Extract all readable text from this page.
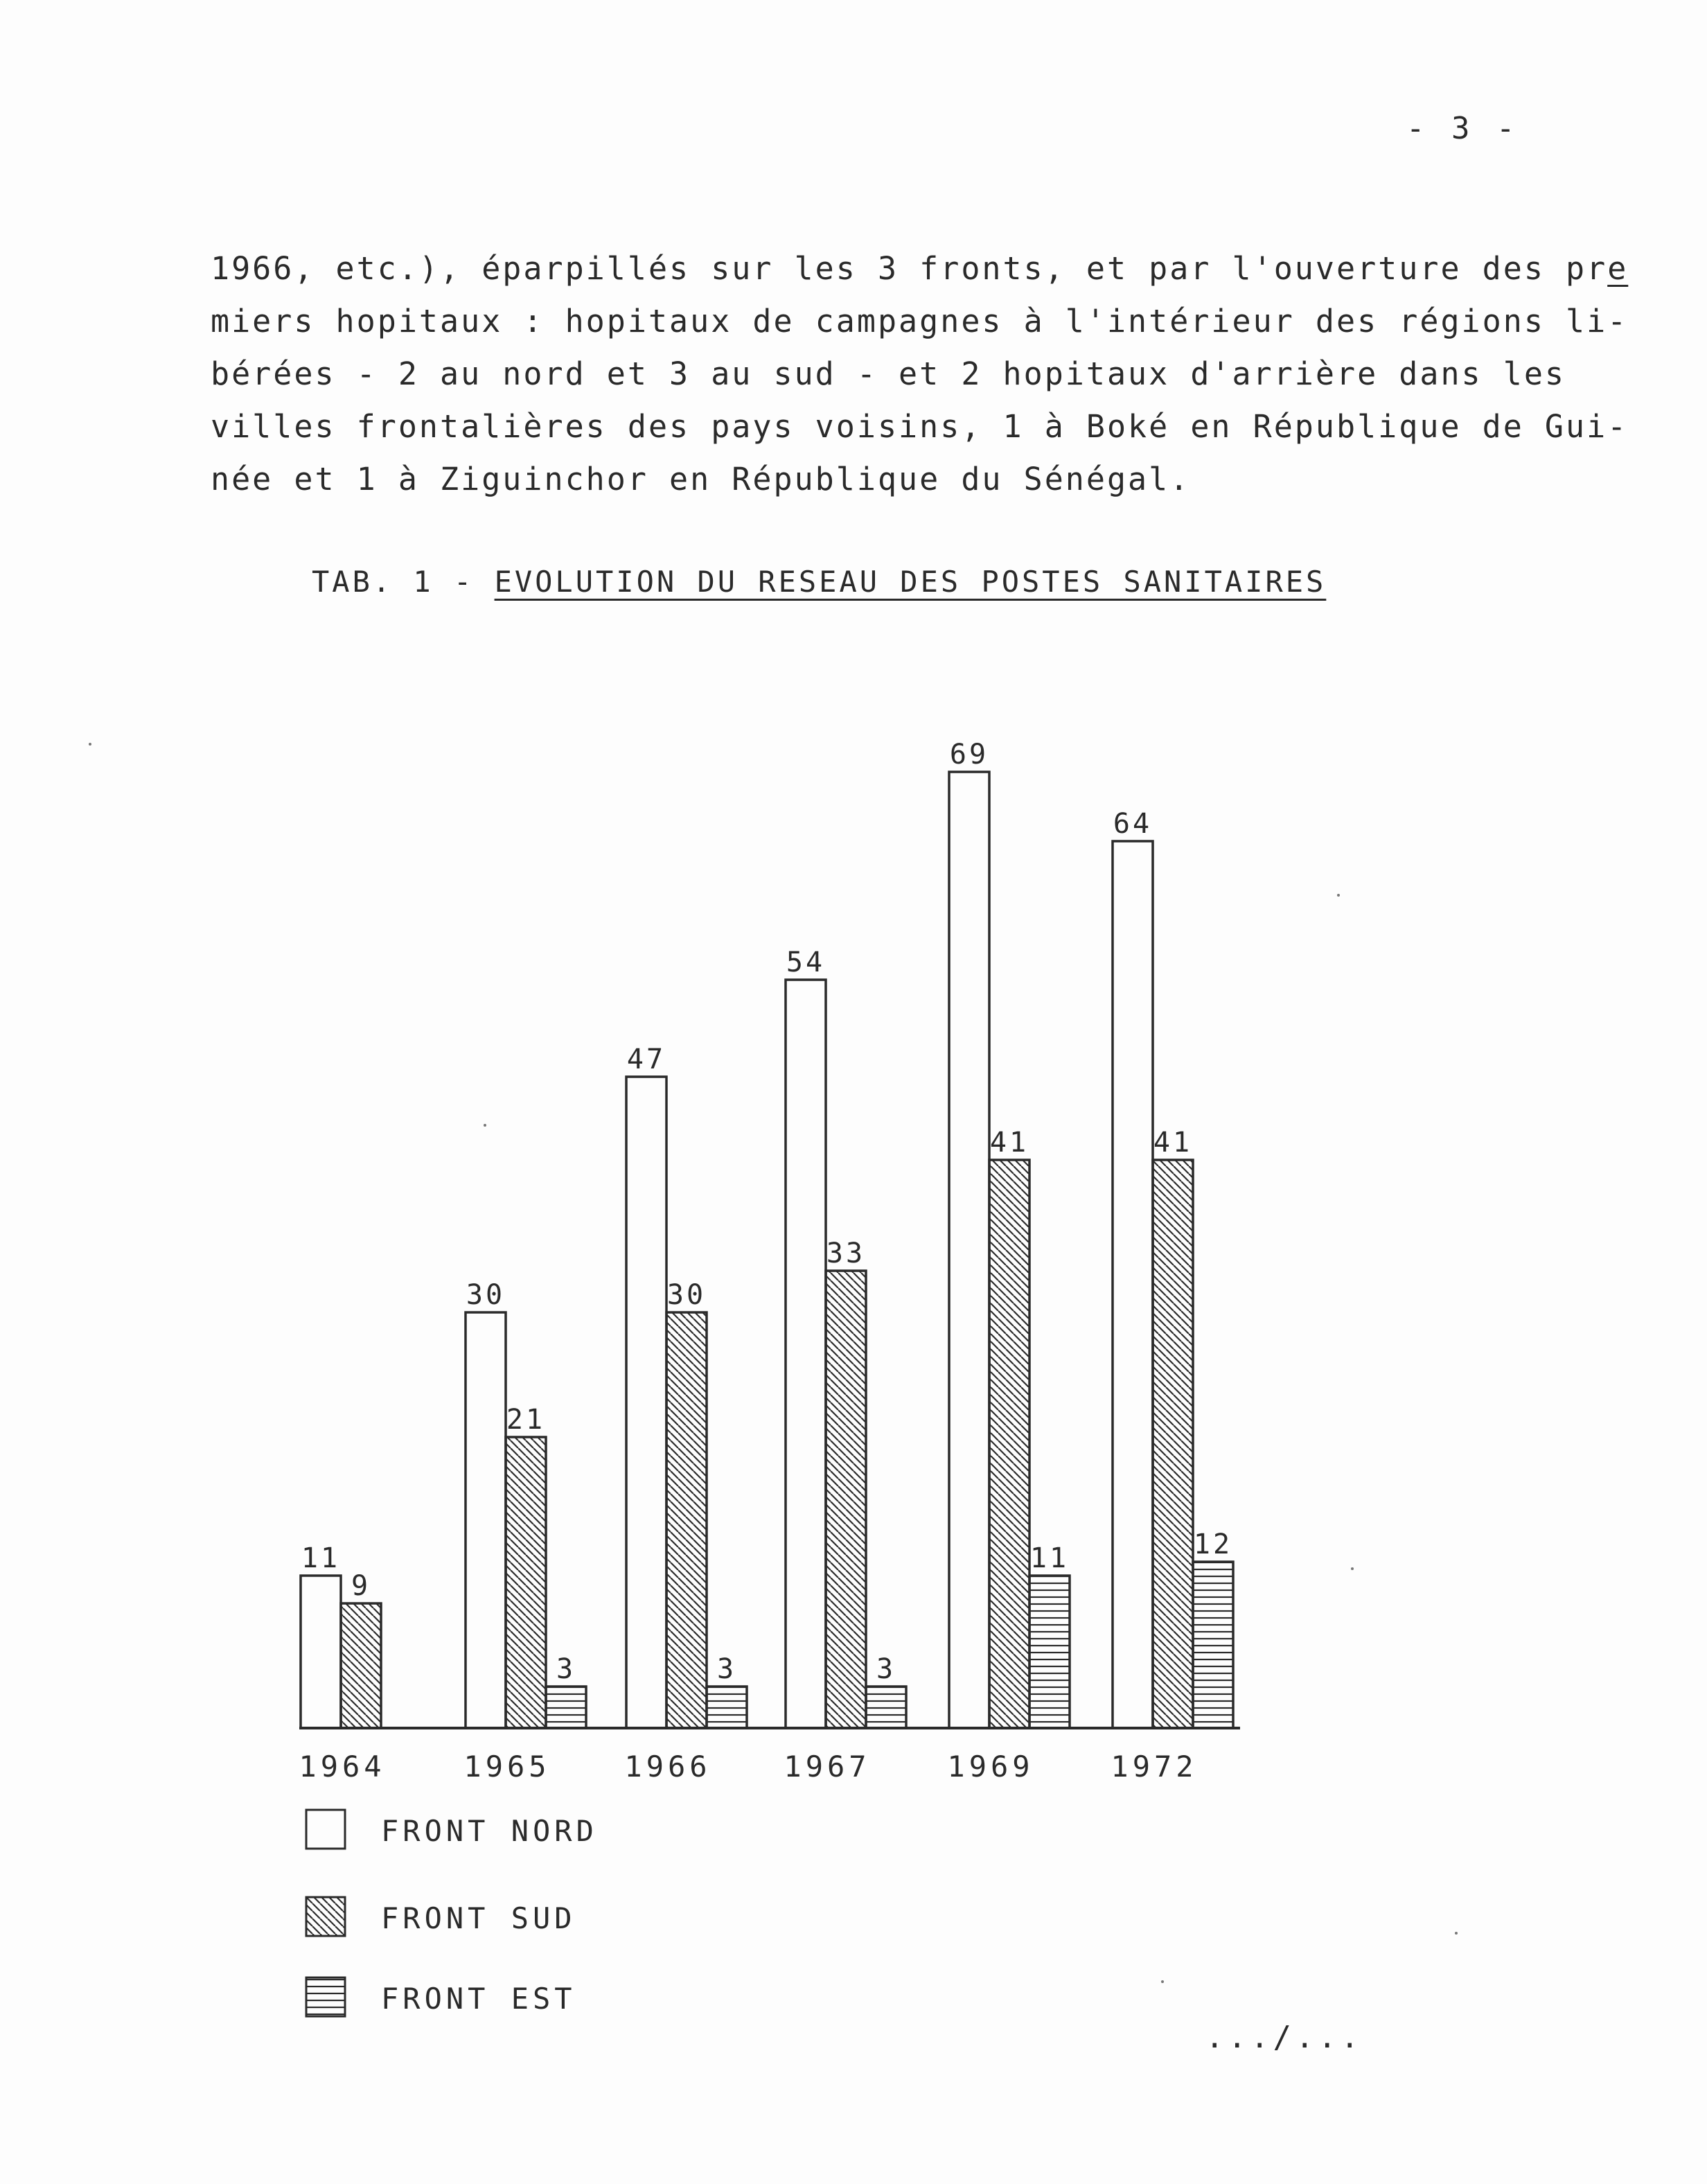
- 3 -
1966, etc.), éparpillés sur les 3 fronts, et par l'ouverture des pre
miers hopitaux : hopitaux de campagnes à l'intérieur des régions li-
bérées - 2 au nord et 3 au sud - et 2 hopitaux d'arrière dans les
villes frontalières des pays voisins, 1 à Boké en République de Gui-
née et 1 à Ziguinchor en République du Sénégal.
TAB. 1 - EVOLUTION DU RESEAU DES POSTES SANITAIRES
11
9
30
21
3
47
30
3
54
33
3
69
41
11
64
41
12
1964	1965	1966 1967	1969	1972
FRONT NORD
FRONT SUD
FRONT EST
.../...
